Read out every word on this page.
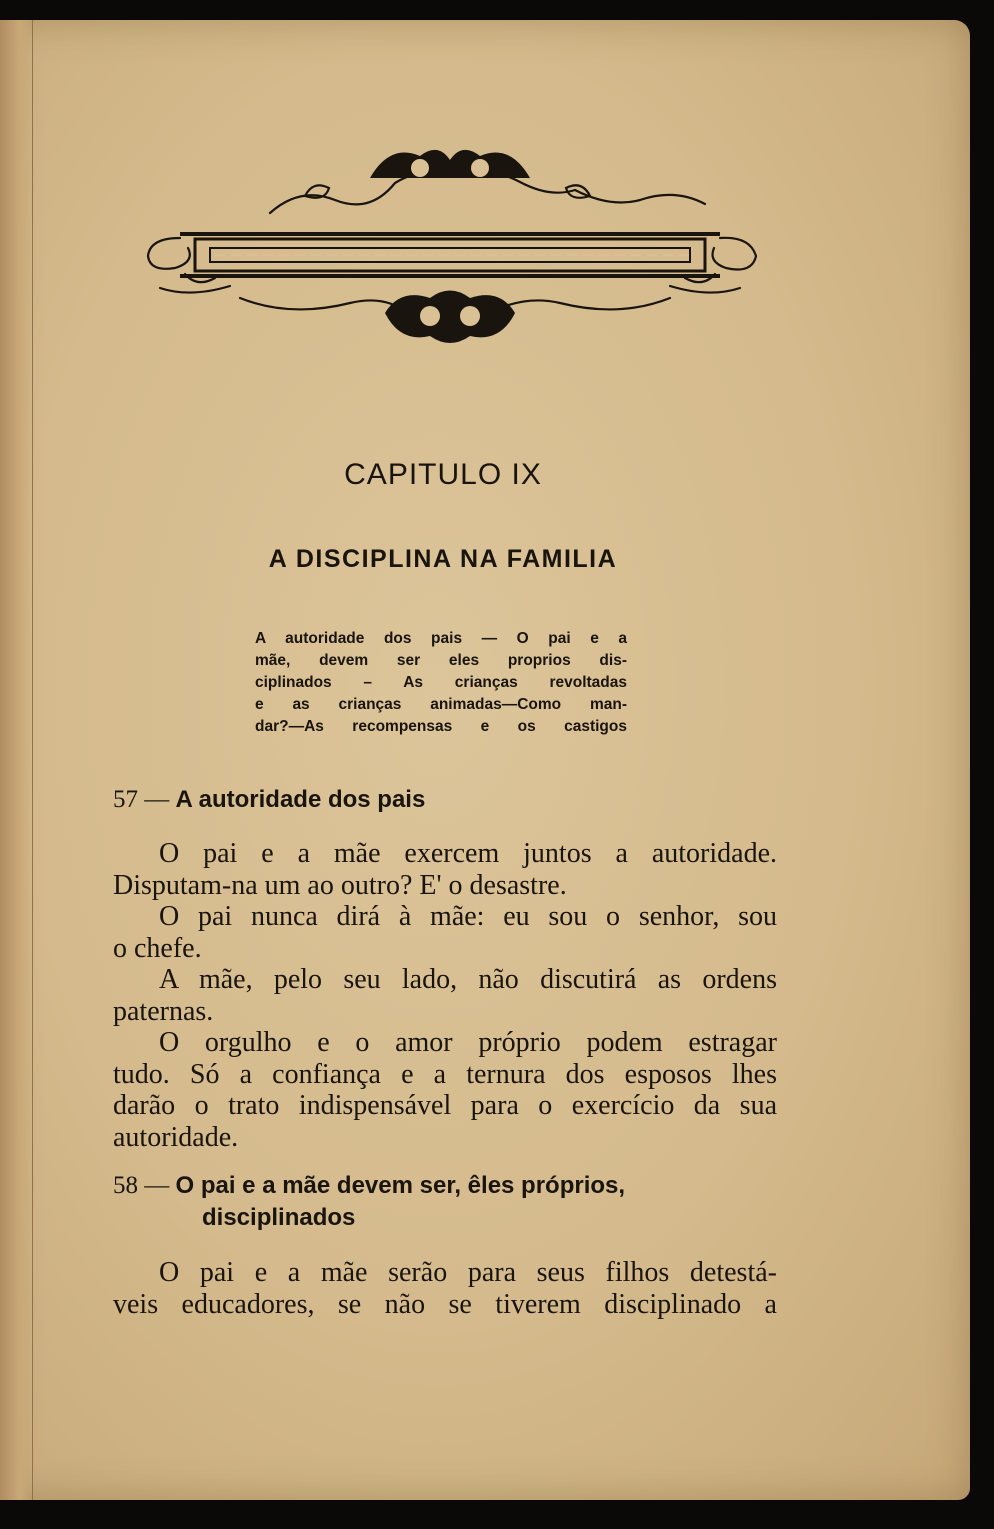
CAPITULO IX
A DISCIPLINA NA FAMILIA
A autoridade dos pais — O pai e a
mãe, devem ser eles proprios dis-
ciplinados – As crianças revoltadas
e as crianças animadas—Como man-
dar?—As recompensas e os castigos
57 — A autoridade dos pais
O pai e a mãe exercem juntos a autoridade.
Disputam-na um ao outro? E' o desastre.
O pai nunca dirá à mãe: eu sou o senhor, sou
o chefe.
A mãe, pelo seu lado, não discutirá as ordens
paternas.
O orgulho e o amor próprio podem estragar
tudo. Só a confiança e a ternura dos esposos lhes
darão o trato indispensável para o exercício da sua
autoridade.
58 — O pai e a mãe devem ser, êles próprios,
disciplinados
O pai e a mãe serão para seus filhos detestá-
veis educadores, se não se tiverem disciplinado a
